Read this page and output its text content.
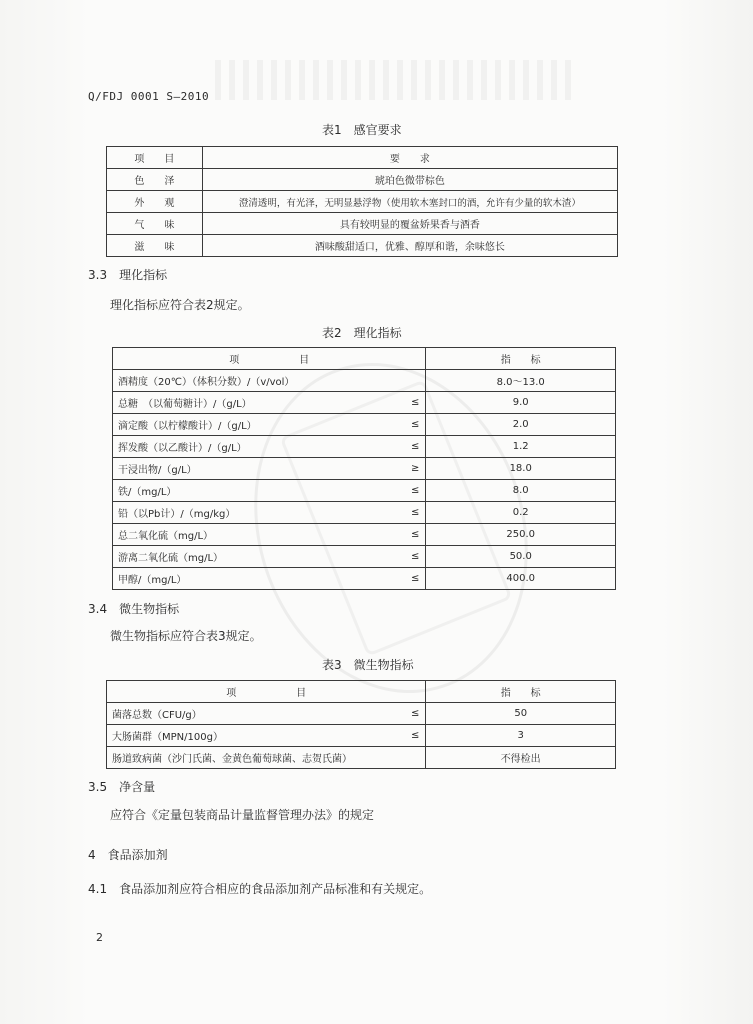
Q/FDJ 0001 S—2010
表1　感官要求
项　　目	要　　求
色　　泽	琥珀色微带棕色
外　　观	澄清透明，有光泽，无明显悬浮物（使用软木塞封口的酒，允许有少量的软木渣）
气　　味	具有较明显的覆盆娇果香与酒香
滋　　味	酒味酸甜适口，优雅、醇厚和谐，余味悠长
3.3　理化指标
理化指标应符合表2规定。
表2　理化指标
项　　　　　　目		指　　标
酒精度（20℃）（体积分数）/（v/vol）		8.0～13.0
总糖　（以葡萄糖计）/（g/L）	≤	9.0
滴定酸（以柠檬酸计）/（g/L）	≤	2.0
挥发酸（以乙酸计）/（g/L）	≤	1.2
干浸出物/（g/L）	≥	18.0
铁/（mg/L）	≤	8.0
铅（以Pb计）/（mg/kg）	≤	0.2
总二氧化硫（mg/L）	≤	250.0
游离二氧化硫（mg/L）	≤	50.0
甲醇/（mg/L）	≤	400.0
3.4　微生物指标
微生物指标应符合表3规定。
表3　微生物指标
项　　　　　　目		指　　标
菌落总数（CFU/g）	≤	50
大肠菌群（MPN/100g）	≤	3
肠道致病菌（沙门氏菌、金黄色葡萄球菌、志贺氏菌）		不得检出
3.5　净含量
应符合《定量包装商品计量监督管理办法》的规定
4　食品添加剂
4.1　食品添加剂应符合相应的食品添加剂产品标准和有关规定。
2
